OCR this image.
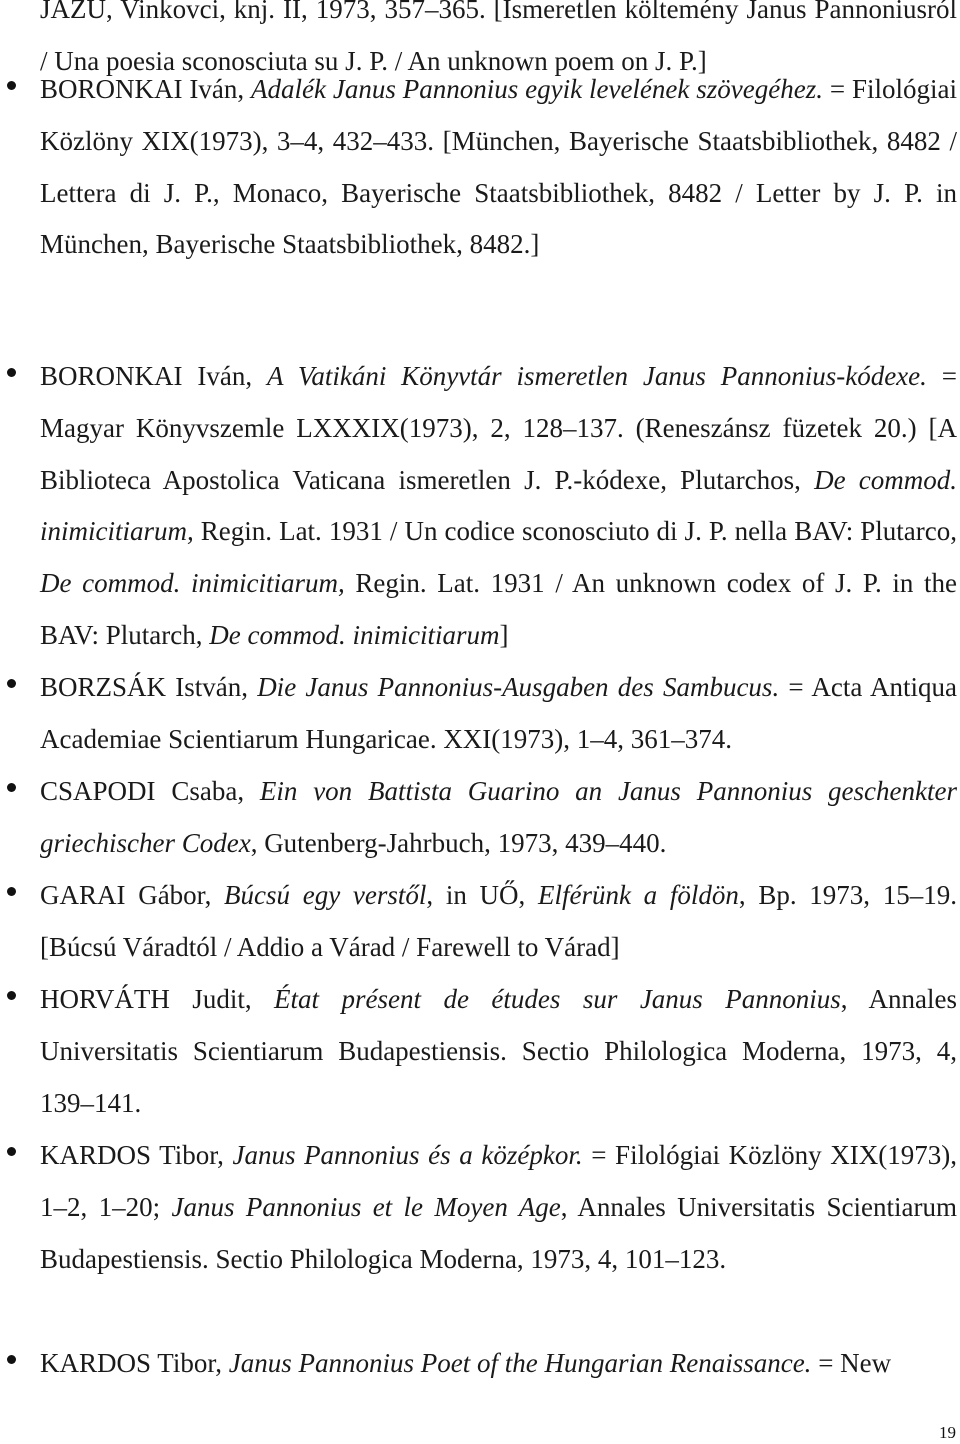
JAZU, Vinkovci, knj. II, 1973, 357–365. [Ismeretlen költemény Janus Pannoniusról / Una poesia sconosciuta su J. P. / An unknown poem on J. P.]
BORONKAI Iván, Adalék Janus Pannonius egyik levelének szövegéhez. = Filológiai Közlöny XIX(1973), 3–4, 432–433. [München, Bayerische Staatsbibliothek, 8482 / Lettera di J. P., Monaco, Bayerische Staatsbibliothek, 8482 / Letter by J. P. in München, Bayerische Staatsbibliothek, 8482.]
BORONKAI Iván, A Vatikáni Könyvtár ismeretlen Janus Pannonius-kódexe. = Magyar Könyvszemle LXXXIX(1973), 2, 128–137. (Reneszánsz füzetek 20.) [A Biblioteca Apostolica Vaticana ismeretlen J. P.-kódexe, Plutarchos, De commod. inimicitiarum, Regin. Lat. 1931 / Un codice sconosciuto di J. P. nella BAV: Plutarco, De commod. inimicitiarum, Regin. Lat. 1931 / An unknown codex of J. P. in the BAV: Plutarch, De commod. inimicitiarum]
BORZSÁK István, Die Janus Pannonius-Ausgaben des Sambucus. = Acta Antiqua Academiae Scientiarum Hungaricae. XXI(1973), 1–4, 361–374.
CSAPODI Csaba, Ein von Battista Guarino an Janus Pannonius geschenkter griechischer Codex, Gutenberg-Jahrbuch, 1973, 439–440.
GARAI Gábor, Búcsú egy verstől, in UŐ, Elférünk a földön, Bp. 1973, 15–19. [Búcsú Váradtól / Addio a Várad / Farewell to Várad]
HORVÁTH Judit, État présent de études sur Janus Pannonius, Annales Universitatis Scientiarum Budapestiensis. Sectio Philologica Moderna, 1973, 4, 139–141.
KARDOS Tibor, Janus Pannonius és a középkor. = Filológiai Közlöny XIX(1973), 1–2, 1–20; Janus Pannonius et le Moyen Age, Annales Universitatis Scientiarum Budapestiensis. Sectio Philologica Moderna, 1973, 4, 101–123.
KARDOS Tibor, Janus Pannonius Poet of the Hungarian Renaissance. = New
19
